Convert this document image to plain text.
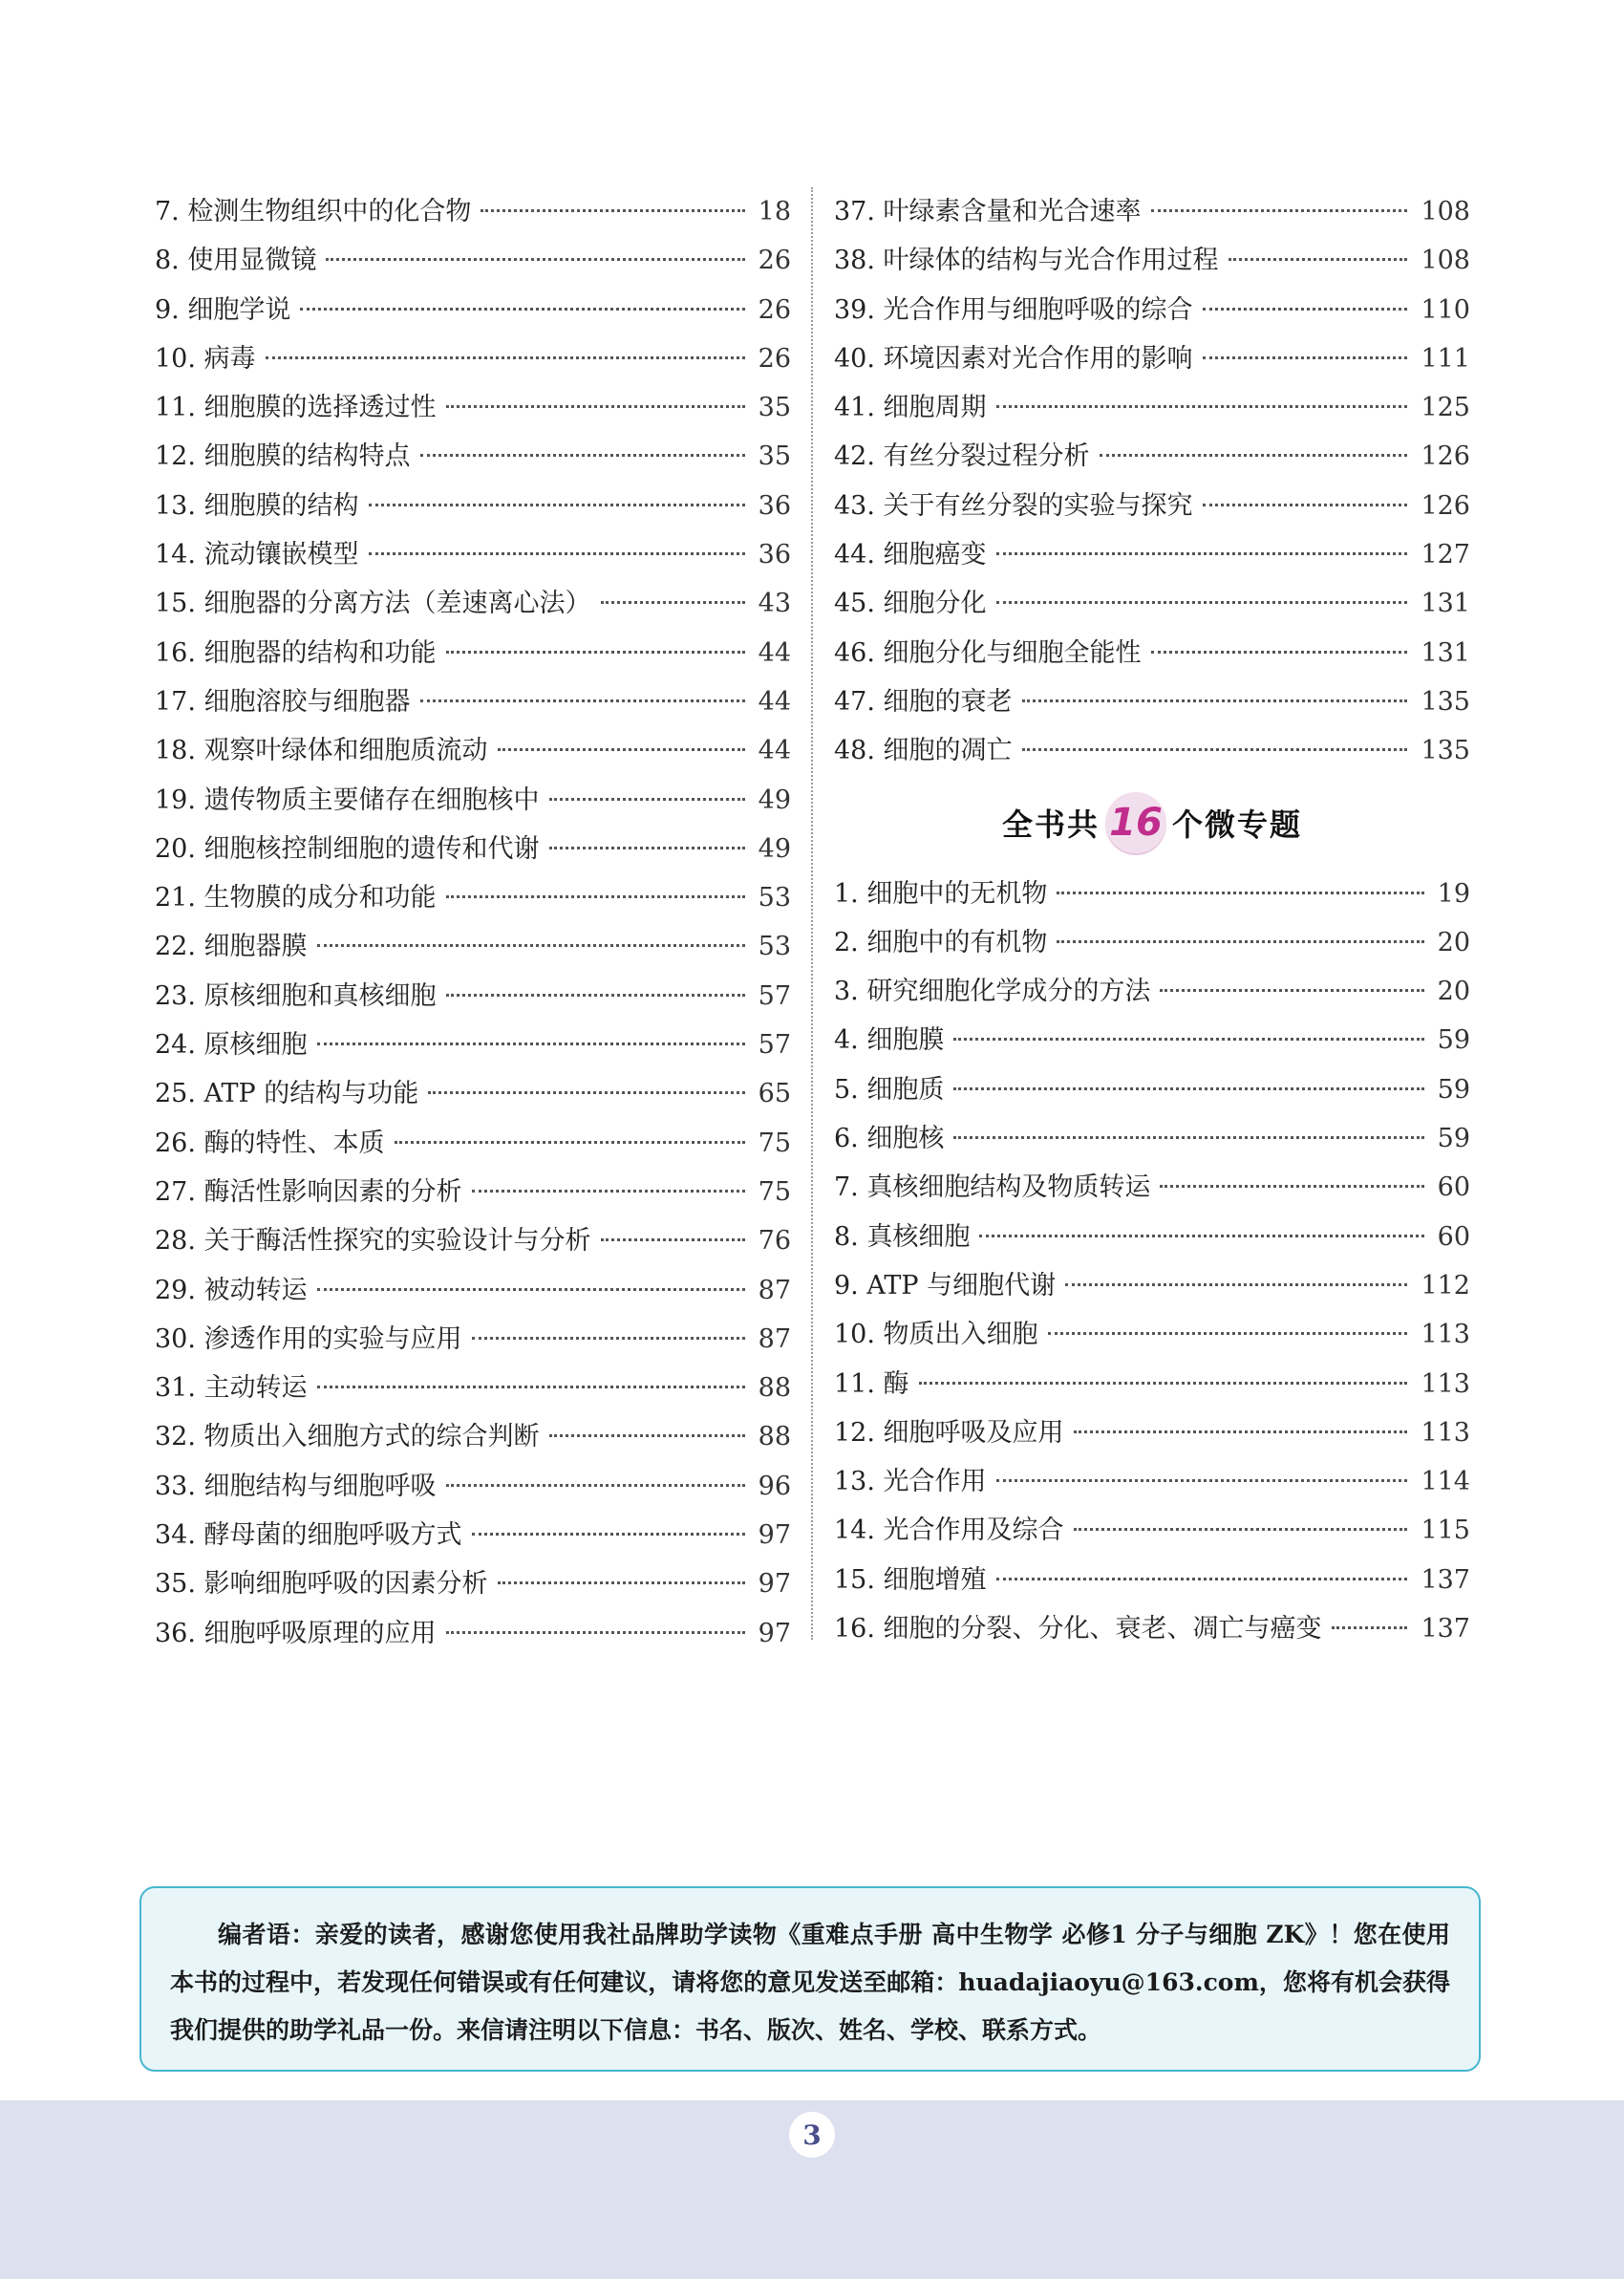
7. 检测生物组织中的化合物	18
8. 使用显微镜	26
9. 细胞学说	26
10. 病毒	26
11. 细胞膜的选择透过性	35
12. 细胞膜的结构特点	35
13. 细胞膜的结构	36
14. 流动镶嵌模型	36
15. 细胞器的分离方法（差速离心法）	43
16. 细胞器的结构和功能	44
17. 细胞溶胶与细胞器	44
18. 观察叶绿体和细胞质流动	44
19. 遗传物质主要储存在细胞核中	49
20. 细胞核控制细胞的遗传和代谢	49
21. 生物膜的成分和功能	53
22. 细胞器膜	53
23. 原核细胞和真核细胞	57
24. 原核细胞	57
25. ATP 的结构与功能	65
26. 酶的特性、本质	75
27. 酶活性影响因素的分析	75
28. 关于酶活性探究的实验设计与分析	76
29. 被动转运	87
30. 渗透作用的实验与应用	87
31. 主动转运	88
32. 物质出入细胞方式的综合判断	88
33. 细胞结构与细胞呼吸	96
34. 酵母菌的细胞呼吸方式	97
35. 影响细胞呼吸的因素分析	97
36. 细胞呼吸原理的应用	97
37. 叶绿素含量和光合速率	108
38. 叶绿体的结构与光合作用过程	108
39. 光合作用与细胞呼吸的综合	110
40. 环境因素对光合作用的影响	111
41. 细胞周期	125
42. 有丝分裂过程分析	126
43. 关于有丝分裂的实验与探究	126
44. 细胞癌变	127
45. 细胞分化	131
46. 细胞分化与细胞全能性	131
47. 细胞的衰老	135
48. 细胞的凋亡	135
全书共 16 个微专题
1. 细胞中的无机物	19
2. 细胞中的有机物	20
3. 研究细胞化学成分的方法	20
4. 细胞膜	59
5. 细胞质	59
6. 细胞核	59
7. 真核细胞结构及物质转运	60
8. 真核细胞	60
9. ATP 与细胞代谢	112
10. 物质出入细胞	113
11. 酶	113
12. 细胞呼吸及应用	113
13. 光合作用	114
14. 光合作用及综合	115
15. 细胞增殖	137
16. 细胞的分裂、分化、衰老、凋亡与癌变	137

编者语：亲爱的读者，感谢您使用我社品牌助学读物《重难点手册 高中生物学 必修1 分子与细胞 ZK》！您在使用本书的过程中，若发现任何错误或有任何建议，请将您的意见发送至邮箱：huadajiaoyu@163.com，您将有机会获得我们提供的助学礼品一份。来信请注明以下信息：书名、版次、姓名、学校、联系方式。

3
